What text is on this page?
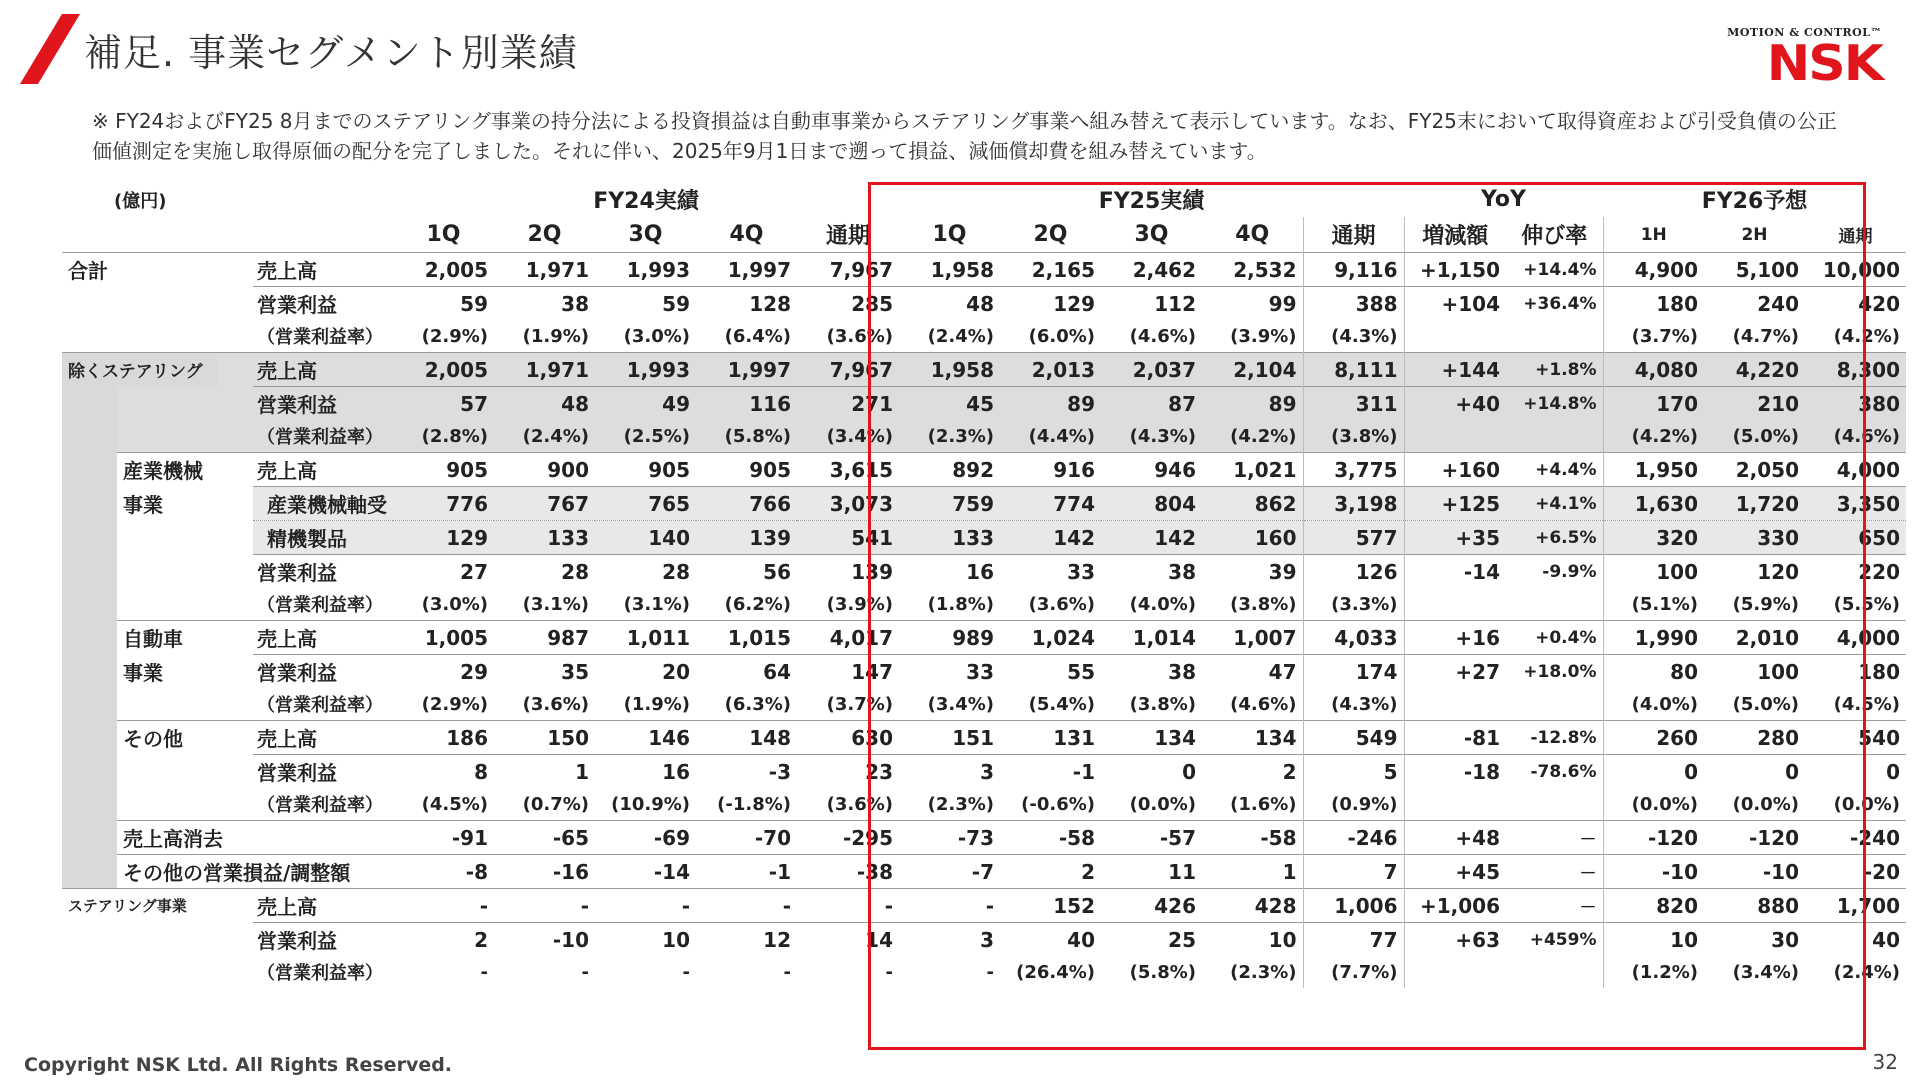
補足. 事業セグメント別業績	MOTION & CONTROL™
NSK
※ FY24およびFY25 8月までのステアリング事業の持分法による投資損益は自動車事業からステアリング事業へ組み替えて表示しています。なお、FY25末において取得資産および引受負債の公正価値測定を実施し取得原価の配分を完了しました。それに伴い、2025年9月1日まで遡って損益、減価償却費を組み替えています。
(億円)				FY24実績					FY25実績					YoY		FY26予想		
				1Q	2Q	3Q	4Q	通期	1Q	2Q	3Q	4Q	通期	増減額	伸び率	1H	2H	通期
合計			売上高	2,005	1,971	1,993	1,997	7,967	1,958	2,165	2,462	2,532	9,116	+1,150	+14.4%	4,900	5,100	10,000
			営業利益	59	38	59	128	285	48	129	112	99	388	+104	+36.4%	180	240	420
			（営業利益率）	(2.9%)	(1.9%)	(3.0%)	(6.4%)	(3.6%)	(2.4%)	(6.0%)	(4.6%)	(3.9%)	(4.3%)			(3.7%)	(4.7%)	(4.2%)
除くステアリング			売上高	2,005	1,971	1,993	1,997	7,967	1,958	2,013	2,037	2,104	8,111	+144	+1.8%	4,080	4,220	8,300
			営業利益	57	48	49	116	271	45	89	87	89	311	+40	+14.8%	170	210	380
			（営業利益率）	(2.8%)	(2.4%)	(2.5%)	(5.8%)	(3.4%)	(2.3%)	(4.4%)	(4.3%)	(4.2%)	(3.8%)			(4.2%)	(5.0%)	(4.6%)
	産業機械		売上高	905	900	905	905	3,615	892	916	946	1,021	3,775	+160	+4.4%	1,950	2,050	4,000
	事業		産業機械軸受	776	767	765	766	3,073	759	774	804	862	3,198	+125	+4.1%	1,630	1,720	3,350
			精機製品	129	133	140	139	541	133	142	142	160	577	+35	+6.5%	320	330	650
			営業利益	27	28	28	56	139	16	33	38	39	126	-14	-9.9%	100	120	220
			（営業利益率）	(3.0%)	(3.1%)	(3.1%)	(6.2%)	(3.9%)	(1.8%)	(3.6%)	(4.0%)	(3.8%)	(3.3%)			(5.1%)	(5.9%)	(5.5%)
	自動車		売上高	1,005	987	1,011	1,015	4,017	989	1,024	1,014	1,007	4,033	+16	+0.4%	1,990	2,010	4,000
	事業		営業利益	29	35	20	64	147	33	55	38	47	174	+27	+18.0%	80	100	180
			（営業利益率）	(2.9%)	(3.6%)	(1.9%)	(6.3%)	(3.7%)	(3.4%)	(5.4%)	(3.8%)	(4.6%)	(4.3%)			(4.0%)	(5.0%)	(4.5%)
	その他		売上高	186	150	146	148	630	151	131	134	134	549	-81	-12.8%	260	280	540
			営業利益	8	1	16	-3	23	3	-1	0	2	5	-18	-78.6%	0	0	0
			（営業利益率）	(4.5%)	(0.7%)	(10.9%)	(-1.8%)	(3.6%)	(2.3%)	(-0.6%)	(0.0%)	(1.6%)	(0.9%)			(0.0%)	(0.0%)	(0.0%)
	売上高消去			-91	-65	-69	-70	-295	-73	-58	-57	-58	-246	+48	－	-120	-120	-240
	その他の営業損益/調整額			-8	-16	-14	-1	-38	-7	2	11	1	7	+45	－	-10	-10	-20
ステアリング事業			売上高	-	-	-	-	-	-	152	426	428	1,006	+1,006	－	820	880	1,700
			営業利益	2	-10	10	12	14	3	40	25	10	77	+63	+459%	10	30	40
			（営業利益率）	-	-	-	-	-	-	(26.4%)	(5.8%)	(2.3%)	(7.7%)			(1.2%)	(3.4%)	(2.4%)
Copyright NSK Ltd. All Rights Reserved.	32
